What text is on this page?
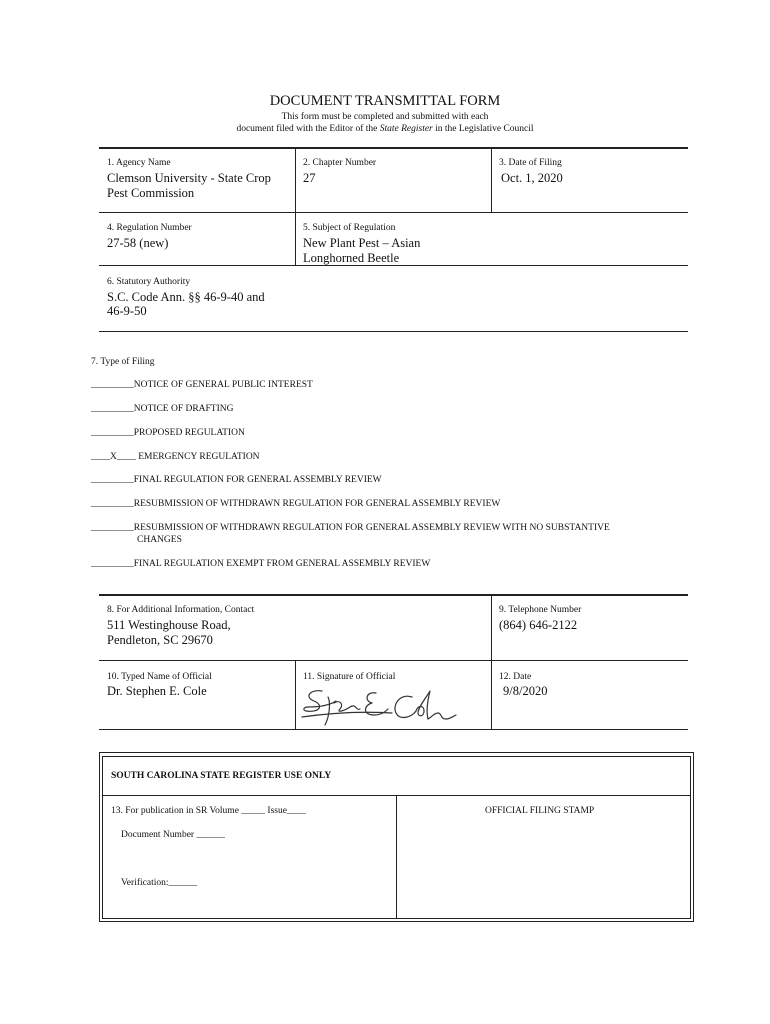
DOCUMENT TRANSMITTAL FORM
This form must be completed and submitted with each
document filed with the Editor of the State Register in the Legislative Council
1. Agency Name
Clemson University - State Crop
Pest Commission
2. Chapter Number
27
3. Date of Filing
Oct. 1, 2020
4. Regulation Number
27-58 (new)
5. Subject of Regulation
New Plant Pest – Asian
Longhorned Beetle
6. Statutory Authority
S.C. Code Ann. §§ 46-9-40 and
46-9-50
7. Type of Filing
_________NOTICE OF GENERAL PUBLIC INTEREST
_________NOTICE OF DRAFTING
_________PROPOSED REGULATION
____X____ EMERGENCY REGULATION
_________FINAL REGULATION FOR GENERAL ASSEMBLY REVIEW
_________RESUBMISSION OF WITHDRAWN REGULATION FOR GENERAL ASSEMBLY REVIEW
_________RESUBMISSION OF WITHDRAWN REGULATION FOR GENERAL ASSEMBLY REVIEW WITH NO SUBSTANTIVE
CHANGES
_________FINAL REGULATION EXEMPT FROM GENERAL ASSEMBLY REVIEW
8. For Additional Information, Contact
511 Westinghouse Road,
Pendleton, SC 29670
9. Telephone Number
(864) 646-2122
10. Typed Name of Official
Dr. Stephen E. Cole
11. Signature of Official	12. Date
9/8/2020
SOUTH CAROLINA STATE REGISTER USE ONLY
13. For publication in SR Volume _____ Issue____
Document Number ______
Verification:______
OFFICIAL FILING STAMP
